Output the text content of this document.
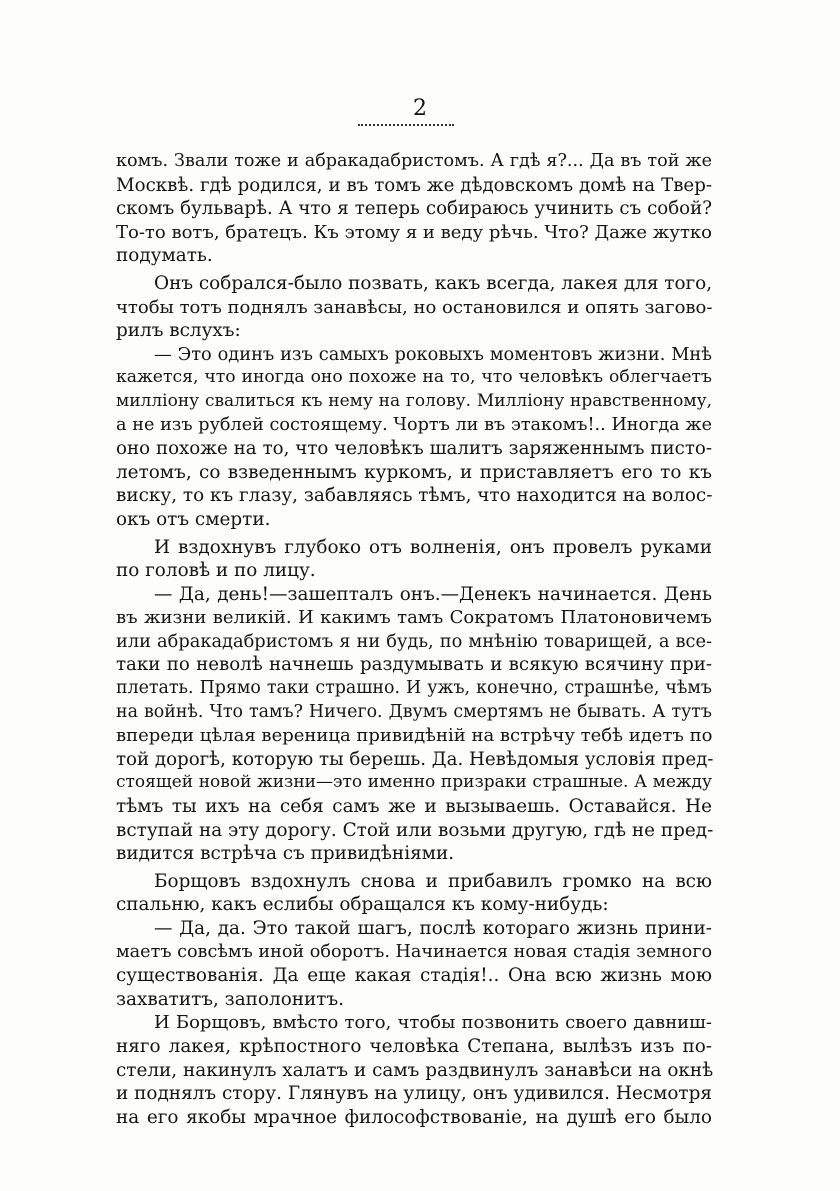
2
комъ. Звали тоже и абракадабристомъ. А гдѣ я?... Да въ той же
Москвѣ. гдѣ родился, и въ томъ же дѣдовскомъ домѣ на Твер-
скомъ бульварѣ. А что я теперь собираюсь учинить съ собой?
То-то вотъ, братецъ. Къ этому я и веду рѣчь. Что? Даже жутко
подумать.
Онъ собрался-было позвать, какъ всегда, лакея для того,
чтобы тотъ поднялъ занавѣсы, но остановился и опять загово-
рилъ вслухъ:
— Это одинъ изъ самыхъ роковыхъ моментовъ жизни. Мнѣ
кажется, что иногда оно похоже на то, что человѣкъ облегчаетъ
милліону свалиться къ нему на голову. Милліону нравственному,
а не изъ рублей состоящему. Чортъ ли въ этакомъ!.. Иногда же
оно похоже на то, что человѣкъ шалитъ заряженнымъ писто-
летомъ, со взведеннымъ куркомъ, и приставляетъ его то къ
виску, то къ глазу, забавляясь тѣмъ, что находится на волос-
окъ отъ смерти.
И вздохнувъ глубоко отъ волненія, онъ провелъ руками
по головѣ и по лицу.
— Да, день!—зашепталъ онъ.—Денекъ начинается. День
въ жизни великій. И какимъ тамъ Сократомъ Платоновичемъ
или абракадабристомъ я ни будь, по мнѣнію товарищей, а все-
таки по неволѣ начнешь раздумывать и всякую всячину при-
плетать. Прямо таки страшно. И ужъ, конечно, страшнѣе, чѣмъ
на войнѣ. Что тамъ? Ничего. Двумъ смертямъ не бывать. А тутъ
впереди цѣлая вереница привидѣній на встрѣчу тебѣ идетъ по
той дорогѣ, которую ты берешь. Да. Невѣдомыя условія пред-
стоящей новой жизни—это именно призраки страшные. А между
тѣмъ ты ихъ на себя самъ же и вызываешь. Оставайся. Не
вступай на эту дорогу. Стой или возьми другую, гдѣ не пред-
видится встрѣча съ привидѣніями.
Борщовъ вздохнулъ снова и прибавилъ громко на всю
спальню, какъ еслибы обращался къ кому-нибудь:
— Да, да. Это такой шагъ, послѣ котораго жизнь прини-
маетъ совсѣмъ иной оборотъ. Начинается новая стадія земного
существованія. Да еще какая стадія!.. Она всю жизнь мою
захватитъ, заполонитъ.
И Борщовъ, вмѣсто того, чтобы позвонить своего давниш-
няго лакея, крѣпостного человѣка Степана, вылѣзъ изъ по-
стели, накинулъ халатъ и самъ раздвинулъ занавѣси на окнѣ
и поднялъ стору. Глянувъ на улицу, онъ удивился. Несмотря
на его якобы мрачное философствованіе, на душѣ его было
